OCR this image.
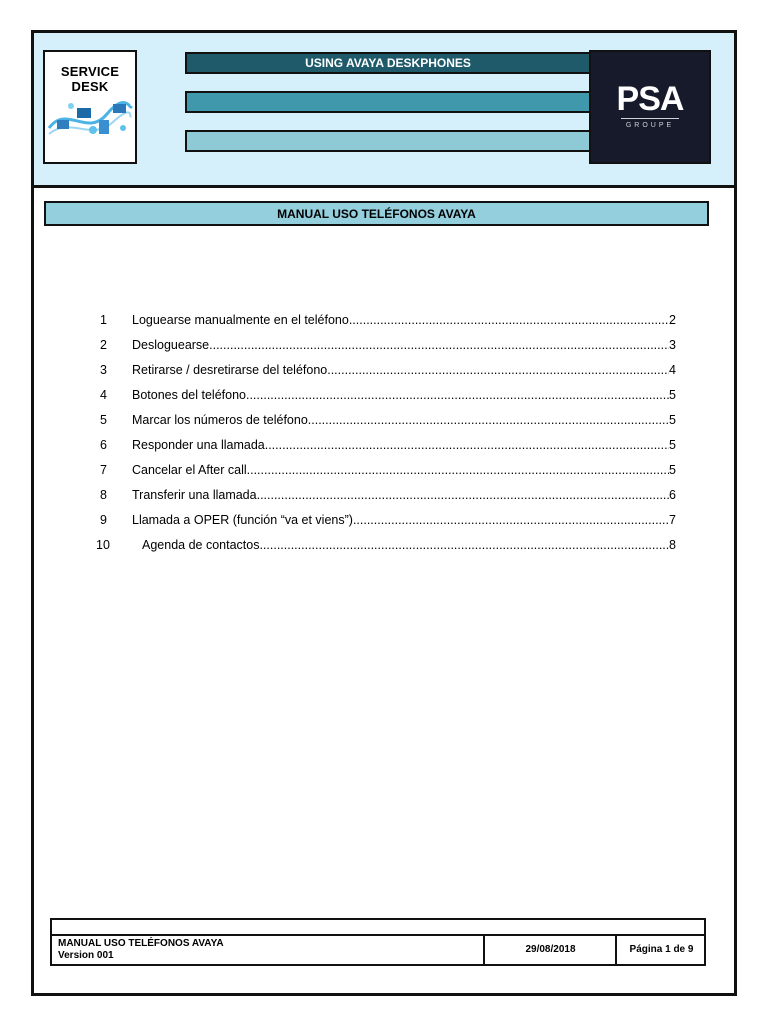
SERVICE DESK
USING AVAYA DESKPHONES
PSA
GROUPE
MANUAL USO TELÉFONOS AVAYA
1	Loguearse manualmente en el teléfono .....	2
2	Desloguearse .....	3
3	Retirarse / desretirarse del teléfono .....	4
4	Botones del teléfono .....	5
5	Marcar los números de teléfono .....	5
6	Responder una llamada .....	5
7	Cancelar el After call .....	5
8	Transferir una llamada .....	6
9	Llamada a OPER (función “va et viens”) .....	7
10	Agenda de contactos .....	8
MANUAL USO TELÉFONOS AVAYA
Version 001
29/08/2018	Página 1 de 9
